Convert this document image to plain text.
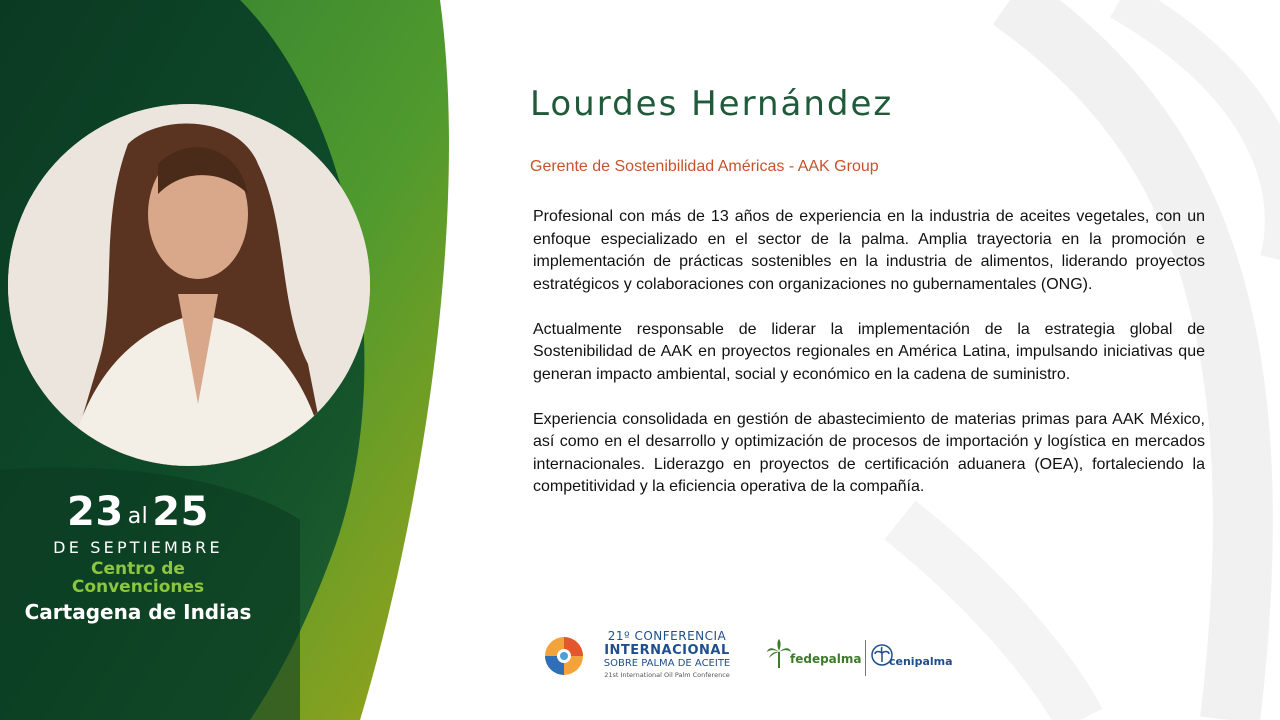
23 al 25
DE SEPTIEMBRE
Centro de
Convenciones
Cartagena de Indias
Lourdes Hernández
Gerente de Sostenibilidad Américas - AAK Group

Profesional con más de 13 años de experiencia en la industria de aceites vegetales, con un enfoque especializado en el sector de la palma. Amplia trayectoria en la promoción e implementación de prácticas sostenibles en la industria de alimentos, liderando proyectos estratégicos y colaboraciones con organizaciones no gubernamentales (ONG).

Actualmente responsable de liderar la implementación de la estrategia global de Sostenibilidad de AAK en proyectos regionales en América Latina, impulsando iniciativas que generan impacto ambiental, social y económico en la cadena de suministro.

Experiencia consolidada en gestión de abastecimiento de materias primas para AAK México, así como en el desarrollo y optimización de procesos de importación y logística en mercados internacionales. Liderazgo en proyectos de certificación aduanera (OEA), fortaleciendo la competitividad y la eficiencia operativa de la compañía.

21º CONFERENCIA
INTERNACIONAL
SOBRE PALMA DE ACEITE
21st International Oil Palm Conference
fedepalma	cenipalma
